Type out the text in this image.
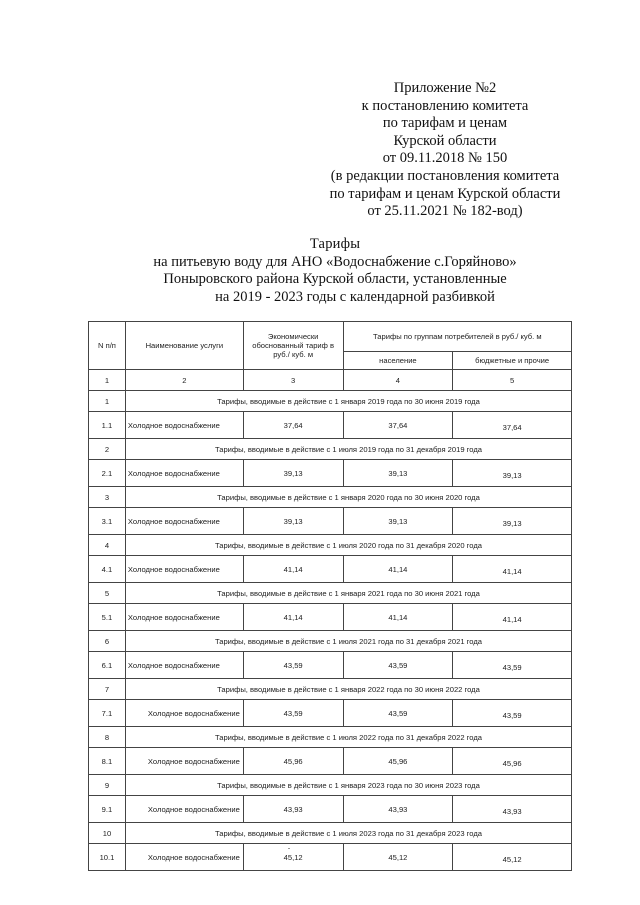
Приложение №2
к постановлению комитета
по тарифам и ценам
Курской области
от 09.11.2018 № 150
(в редакции постановления комитета
по тарифам и ценам Курской области
от 25.11.2021 № 182-вод)
Тарифы
на питьевую воду для АНО «Водоснабжение с.Горяйново»
Поныровского района Курской области, установленные
на 2019 - 2023 годы с календарной разбивкой
N п/п	Наименование услуги	Экономически обоснованный тариф в руб./ куб. м	Тарифы по группам потребителей в руб./ куб. м	
			население	бюджетные и прочие
1	2	3	4	5
1	Тарифы, вводимые в действие с 1 января 2019 года по 30 июня 2019 года			
1.1	Холодное водоснабжение	37,64	37,64	37,64
2	Тарифы, вводимые в действие с 1 июля 2019 года по 31 декабря 2019 года			
2.1	Холодное водоснабжение	39,13	39,13	39,13
3	Тарифы, вводимые в действие с 1 января 2020 года по 30 июня 2020 года			
3.1	Холодное водоснабжение	39,13	39,13	39,13
4	Тарифы, вводимые в действие с 1 июля 2020 года по 31 декабря 2020 года			
4.1	Холодное водоснабжение	41,14	41,14	41,14
5	Тарифы, вводимые в действие с 1 января 2021 года по 30 июня 2021 года			
5.1	Холодное водоснабжение	41,14	41,14	41,14
6	Тарифы, вводимые в действие с 1 июля 2021 года по 31 декабря 2021 года			
6.1	Холодное водоснабжение	43,59	43,59	43,59
7	Тарифы, вводимые в действие с 1 января 2022 года по 30 июня 2022 года			
7.1	Холодное водоснабжение	43,59	43,59	43,59
8	Тарифы, вводимые в действие с 1 июля 2022 года по 31 декабря 2022 года			
8.1	Холодное водоснабжение	45,96	45,96	45,96
9	Тарифы, вводимые в действие с 1 января 2023 года по 30 июня 2023 года			
9.1	Холодное водоснабжение	43,93	43,93	43,93
10	Тарифы, вводимые в действие с 1 июля 2023 года по 31 декабря 2023 года			
10.1	Холодное водоснабжение	45,12	45,12	45,12
